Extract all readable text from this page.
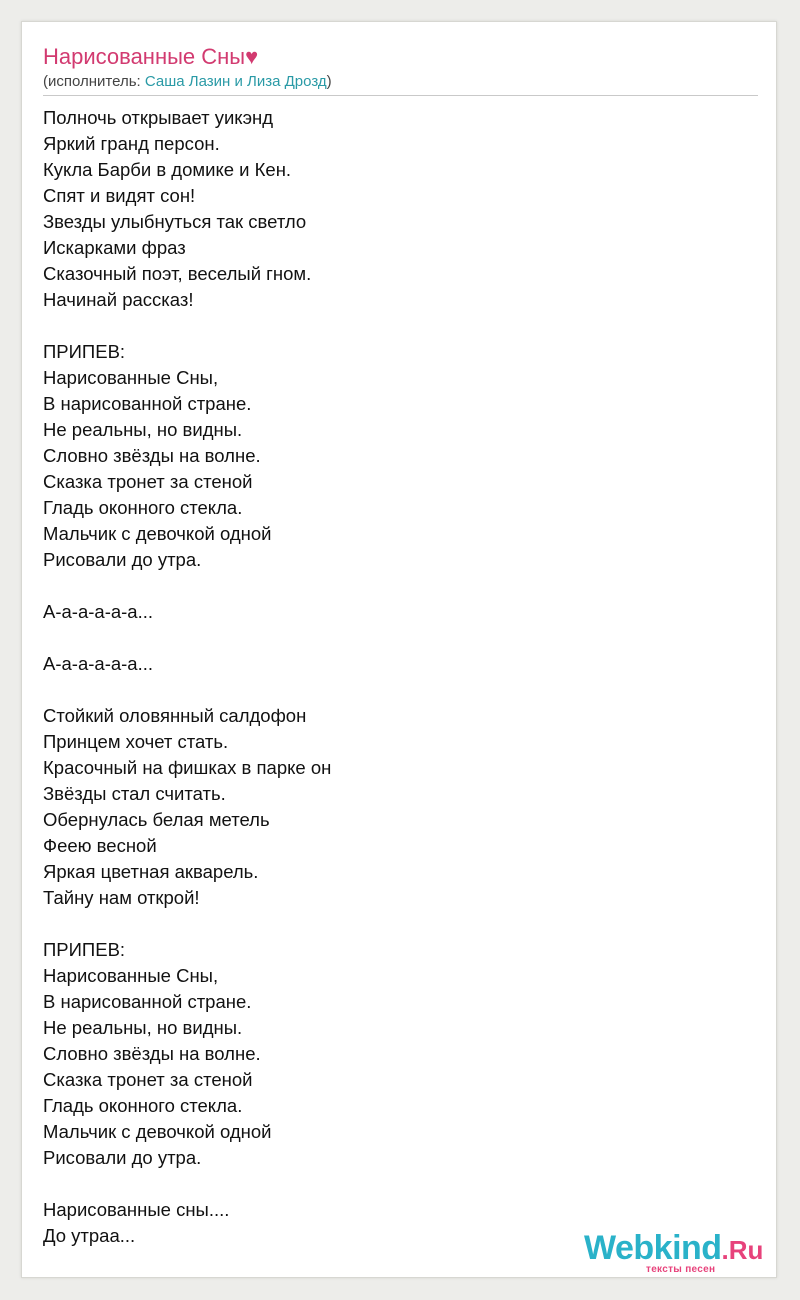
Нарисованные Сны♥
(исполнитель: Саша Лазин и Лиза Дрозд)
Полночь открывает уикэнд
Яркий гранд персон.
Кукла Барби в домике и Кен.
Спят и видят сон!
Звезды улыбнуться так светло
Искарками фраз
Сказочный поэт, веселый гном.
Начинай рассказ!
ПРИПЕВ:
Нарисованные Сны,
В нарисованной стране.
Не реальны, но видны.
Словно звёзды на волне.
Сказка тронет за стеной
Гладь оконного стекла.
Мальчик с девочкой одной
Рисовали до утра.
А-а-а-а-а-а...
А-а-а-а-а-а...
Стойкий оловянный салдофон
Принцем хочет стать.
Красочный на фишках в парке он
Звёзды стал считать.
Обернулась белая метель
Феею весной
Яркая цветная акварель.
Тайну нам открой!
ПРИПЕВ:
Нарисованные Сны,
В нарисованной стране.
Не реальны, но видны.
Словно звёзды на волне.
Сказка тронет за стеной
Гладь оконного стекла.
Мальчик с девочкой одной
Рисовали до утра.
Нарисованные сны....
До утраа...	Webkind.Ru
тексты песен
